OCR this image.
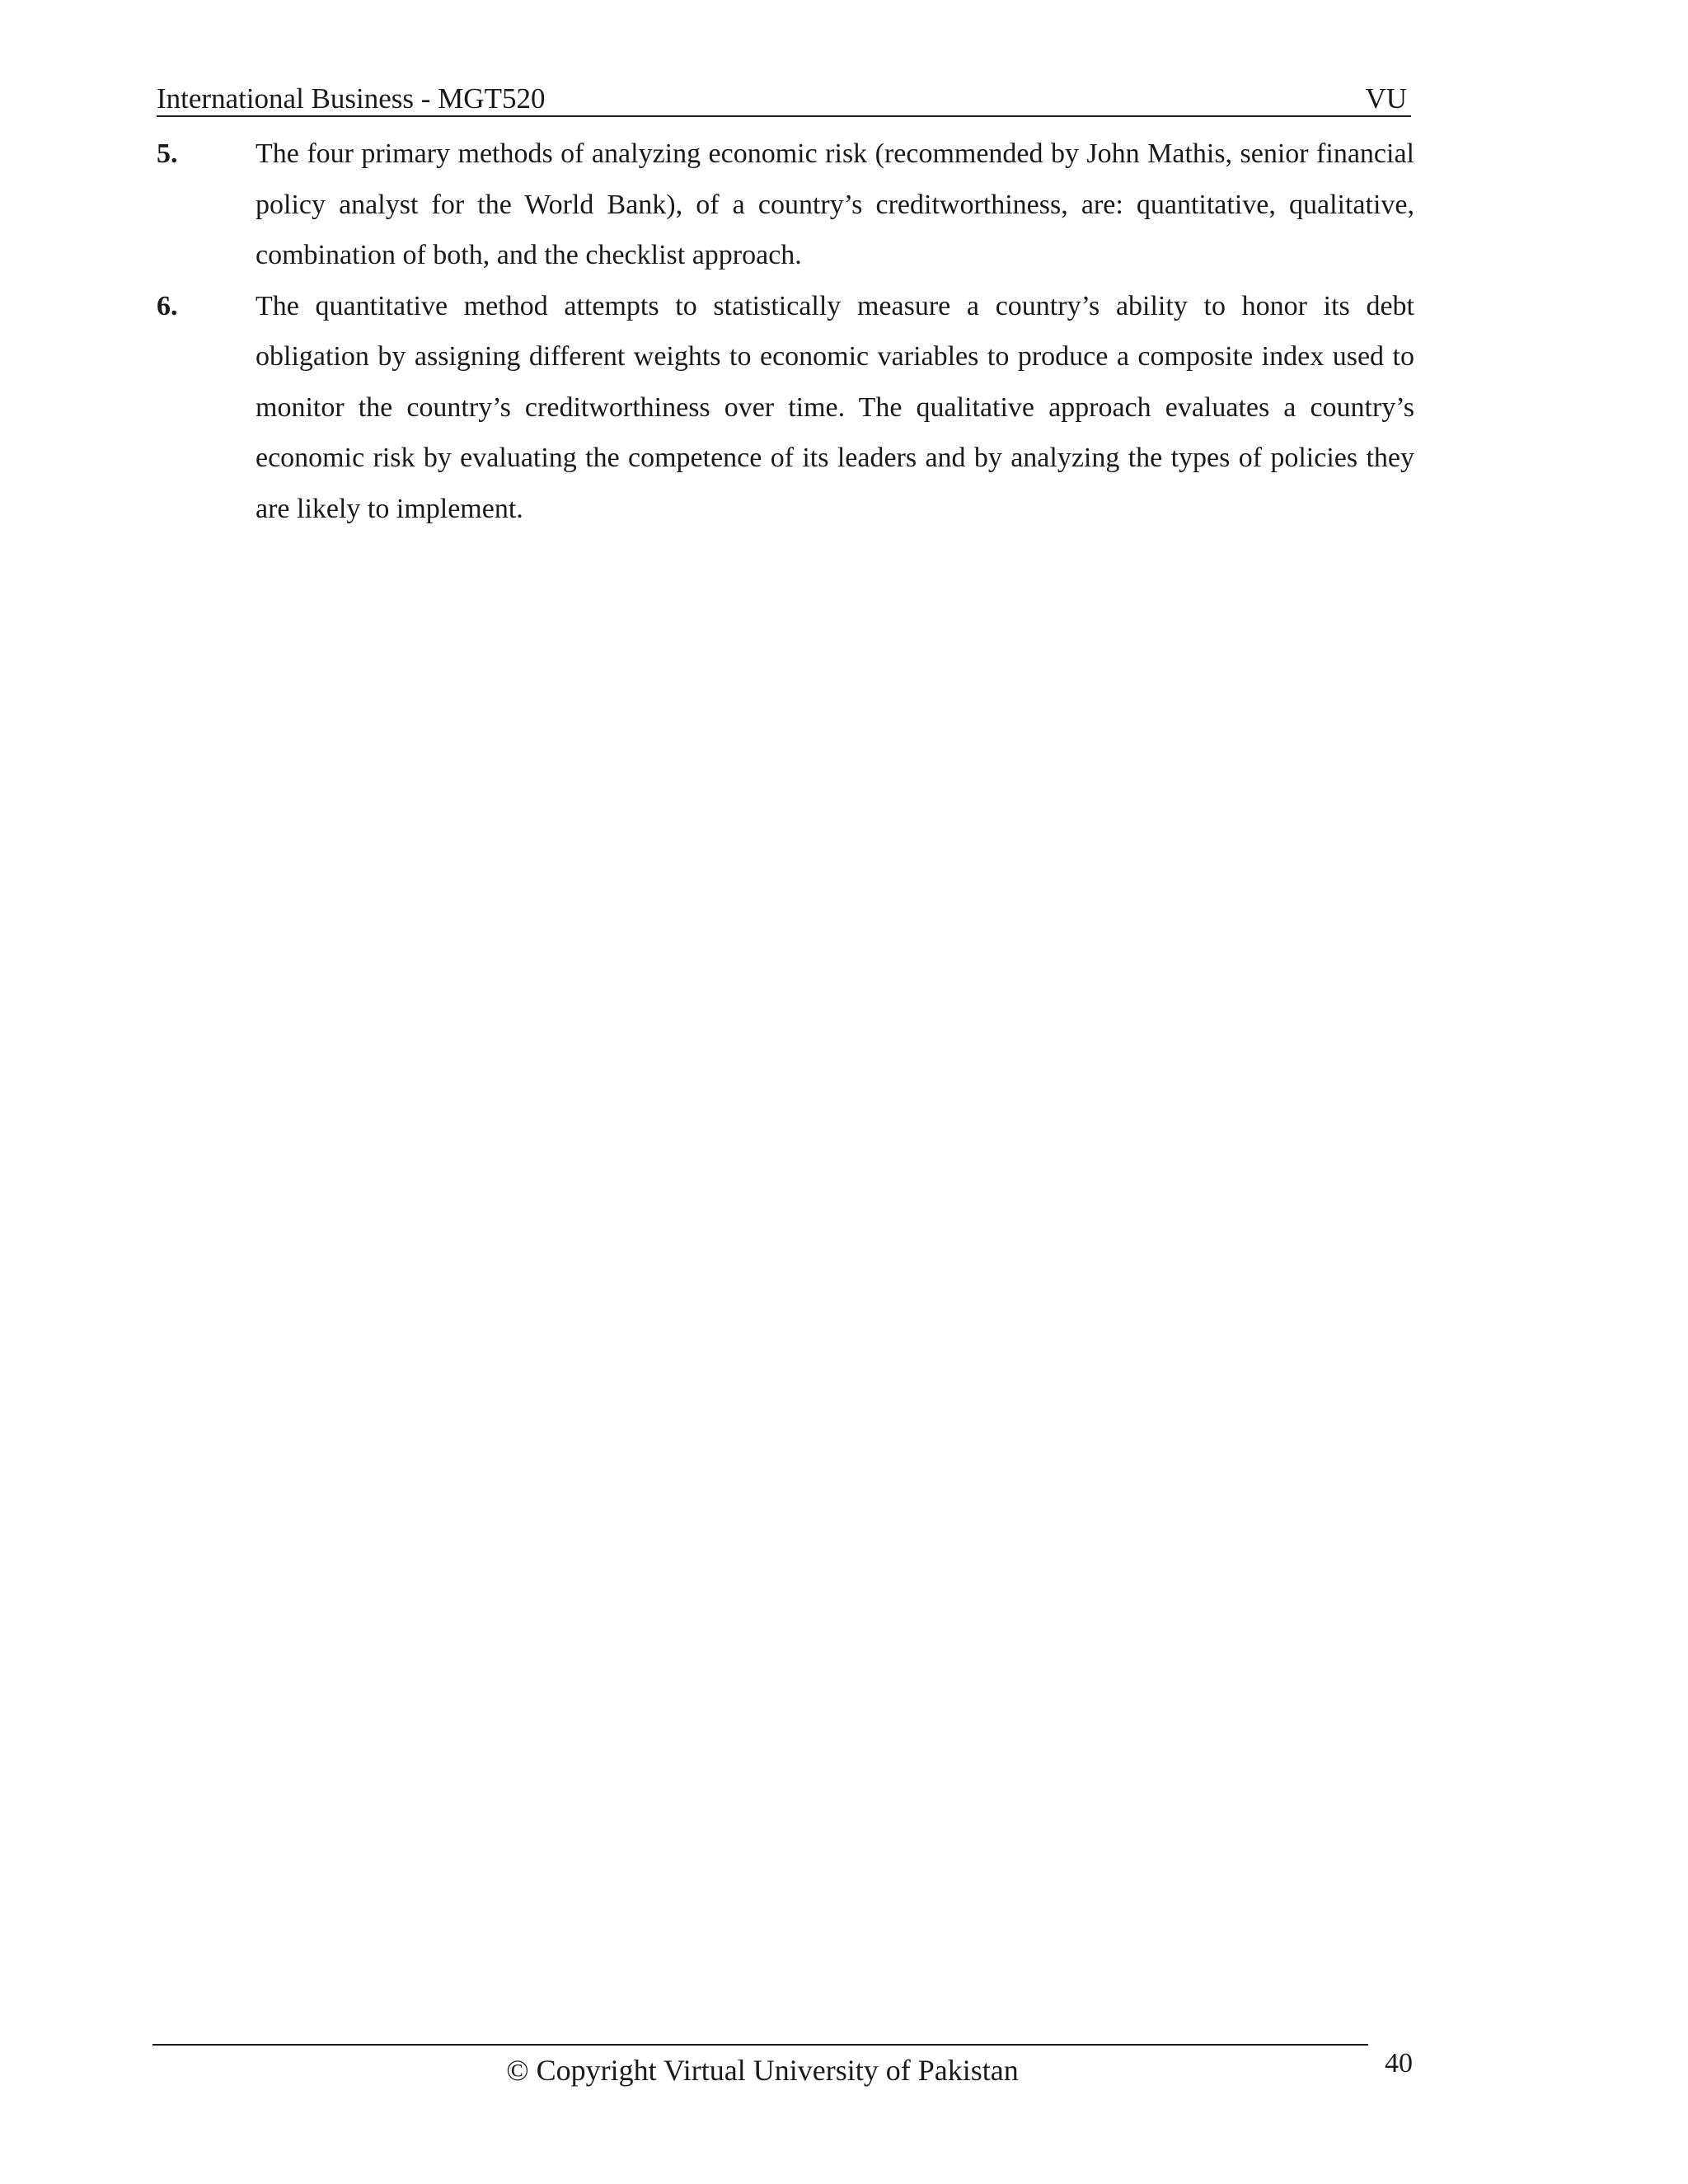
International Business - MGT520	VU
5.	The four primary methods of analyzing economic risk (recommended by John Mathis, senior financial policy analyst for the World Bank), of a country’s creditworthiness, are: quantitative, qualitative, combination of both, and the checklist approach.
6.	The quantitative method attempts to statistically measure a country’s ability to honor its debt obligation by assigning different weights to economic variables to produce a composite index used to monitor the country’s creditworthiness over time. The qualitative approach evaluates a country’s economic risk by evaluating the competence of its leaders and by analyzing the types of policies they are likely to implement.
© Copyright Virtual University of Pakistan	40
